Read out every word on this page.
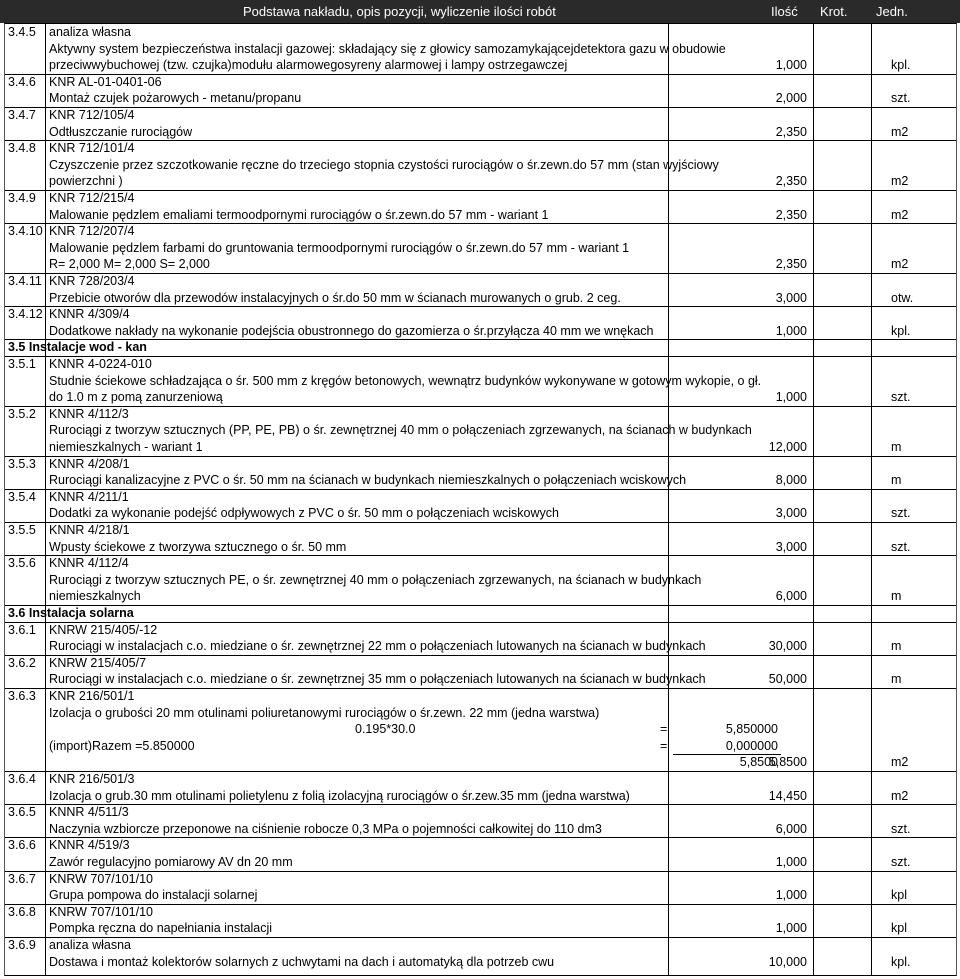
Podstawa nakładu, opis pozycji, wyliczenie ilości robót	Ilość Krot. Jedn.
3.4.5 analiza własna
Aktywny system bezpieczeństwa instalacji gazowej: składający się z głowicy samozamykającejdetektora gazu w obudowie
przeciwwybuchowej (tzw. czujka)modułu alarmowegosyreny alarmowej i lampy ostrzegawczej	1,000	kpl.
3.4.6 KNR AL-01-0401-06
Montaż czujek pożarowych - metanu/propanu	2,000	szt.
3.4.7 KNR 712/105/4
Odtłuszczanie rurociągów	2,350	m2
3.4.8 KNR 712/101/4
Czyszczenie przez szczotkowanie ręczne do trzeciego stopnia czystości rurociągów o śr.zewn.do 57 mm (stan wyjściowy
powierzchni )	2,350	m2
3.4.9 KNR 712/215/4
Malowanie pędzlem emaliami termoodpornymi rurociągów o śr.zewn.do 57 mm - wariant 1	2,350	m2
3.4.10 KNR 712/207/4
Malowanie pędzlem farbami do gruntowania termoodpornymi rurociągów o śr.zewn.do 57 mm - wariant 1
R= 2,000 M= 2,000 S= 2,000	2,350	m2
3.4.11 KNR 728/203/4
Przebicie otworów dla przewodów instalacyjnych o śr.do 50 mm w ścianach murowanych o grub. 2 ceg.	3,000	otw.
3.4.12 KNNR 4/309/4
Dodatkowe nakłady na wykonanie podejścia obustronnego do gazomierza o śr.przyłącza 40 mm we wnękach	1,000	kpl.
3.5 Instalacje wod - kan
3.5.1 KNNR 4-0224-010
Studnie ściekowe schładzająca o śr. 500 mm z kręgów betonowych, wewnątrz budynków wykonywane w gotowym wykopie, o gł.
do 1.0 m z pomą zanurzeniową	1,000	szt.
3.5.2 KNNR 4/112/3
Rurociągi z tworzyw sztucznych (PP, PE, PB) o śr. zewnętrznej 40 mm o połączeniach zgrzewanych, na ścianach w budynkach
niemieszkalnych - wariant 1	12,000	m
3.5.3 KNNR 4/208/1
Rurociągi kanalizacyjne z PVC o śr. 50 mm na ścianach w budynkach niemieszkalnych o połączeniach wciskowych	8,000	m
3.5.4 KNNR 4/211/1
Dodatki za wykonanie podejść odpływowych z PVC o śr. 50 mm o połączeniach wciskowych	3,000	szt.
3.5.5 KNNR 4/218/1
Wpusty ściekowe z tworzywa sztucznego o śr. 50 mm	3,000	szt.
3.5.6 KNNR 4/112/4
Rurociągi z tworzyw sztucznych PE, o śr. zewnętrznej 40 mm o połączeniach zgrzewanych, na ścianach w budynkach
niemieszkalnych	6,000	m
3.6 Instalacja solarna
3.6.1 KNRW 215/405/-12
Rurociągi w instalacjach c.o. miedziane o śr. zewnętrznej 22 mm o połączeniach lutowanych na ścianach w budynkach	30,000	m
3.6.2 KNRW 215/405/7
Rurociągi w instalacjach c.o. miedziane o śr. zewnętrznej 35 mm o połączeniach lutowanych na ścianach w budynkach	50,000	m
3.6.3 KNR 216/501/1
Izolacja o grubości 20 mm otulinami poliuretanowymi rurociągów o śr.zewn. 22 mm (jedna warstwa)
0.195*30.0	=	5,850000
(import)Razem =5.850000	=	0,000000
5,8500
5,8500	m2
3.6.4 KNR 216/501/3
Izolacja o grub.30 mm otulinami polietylenu z folią izolacyjną rurociągów o śr.zew.35 mm (jedna warstwa)	14,450	m2
3.6.5 KNNR 4/511/3
Naczynia wzbiorcze przeponowe na ciśnienie robocze 0,3 MPa o pojemności całkowitej do 110 dm3	6,000	szt.
3.6.6 KNNR 4/519/3
Zawór regulacyjno pomiarowy AV dn 20 mm	1,000	szt.
3.6.7 KNRW 707/101/10
Grupa pompowa do instalacji solarnej	1,000	kpl
3.6.8 KNRW 707/101/10
Pompka ręczna do napełniania instalacji	1,000	kpl
3.6.9 analiza własna
Dostawa i montaż kolektorów solarnych z uchwytami na dach i automatyką dla potrzeb cwu	10,000	kpl.
